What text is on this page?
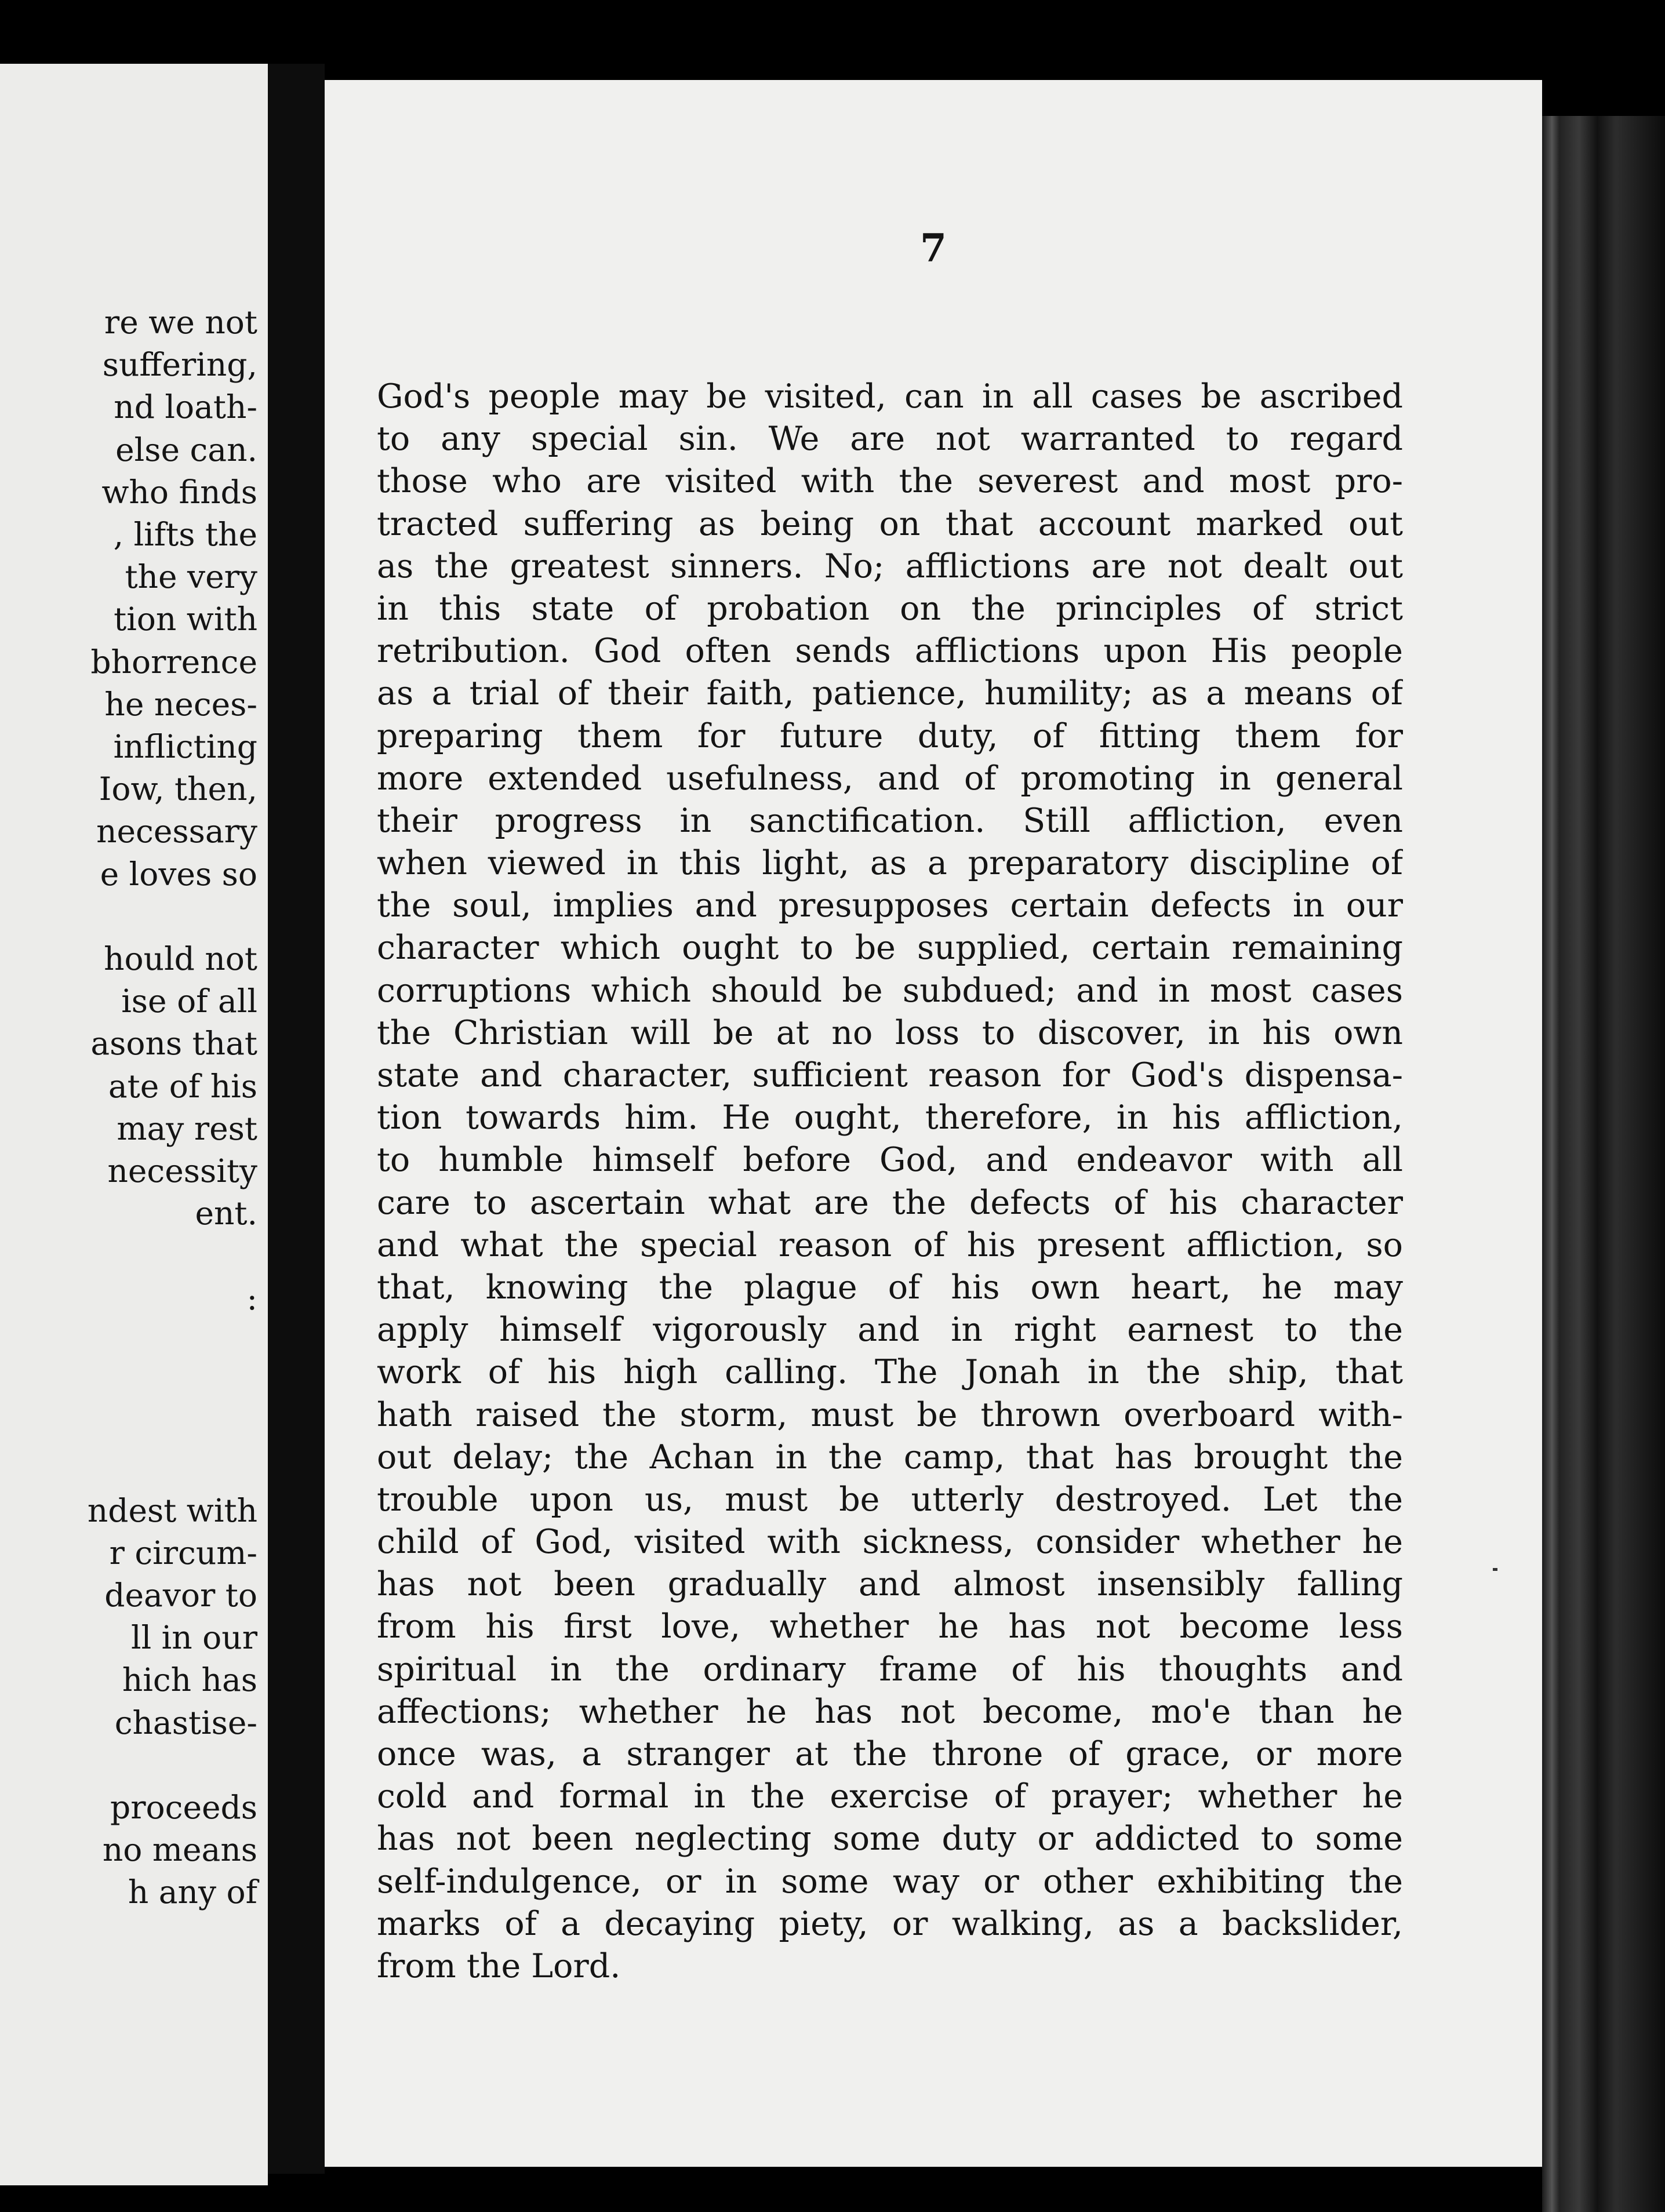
re we not
suffering,
nd loath-
else can.
who finds
, lifts the
the very
tion with
bhorrence
he neces-
inflicting
Iow, then,
necessary
e loves so
hould not
ise of all
asons that
ate of his
may rest
necessity
ent.
:
ndest with
r circum-
deavor to
ll in our
hich has
chastise-
proceeds
no means
h any of
7
God's people may be visited, can in all cases be ascribed
to any special sin. We are not warranted to regard
those who are visited with the severest and most pro-
tracted suffering as being on that account marked out
as the greatest sinners. No; afflictions are not dealt out
in this state of probation on the principles of strict
retribution. God often sends afflictions upon His people
as a trial of their faith, patience, humility; as a means of
preparing them for future duty, of fitting them for
more extended usefulness, and of promoting in general
their progress in sanctification. Still affliction, even
when viewed in this light, as a preparatory discipline of
the soul, implies and presupposes certain defects in our
character which ought to be supplied, certain remaining
corruptions which should be subdued; and in most cases
the Christian will be at no loss to discover, in his own
state and character, sufficient reason for God's dispensa-
tion towards him. He ought, therefore, in his affliction,
to humble himself before God, and endeavor with all
care to ascertain what are the defects of his character
and what the special reason of his present affliction, so
that, knowing the plague of his own heart, he may
apply himself vigorously and in right earnest to the
work of his high calling. The Jonah in the ship, that
hath raised the storm, must be thrown overboard with-
out delay; the Achan in the camp, that has brought the
trouble upon us, must be utterly destroyed. Let the
child of God, visited with sickness, consider whether he
has not been gradually and almost insensibly falling
from his first love, whether he has not become less
spiritual in the ordinary frame of his thoughts and
affections; whether he has not become, mo'e than he
once was, a stranger at the throne of grace, or more
cold and formal in the exercise of prayer; whether he
has not been neglecting some duty or addicted to some
self-indulgence, or in some way or other exhibiting the
marks of a decaying piety, or walking, as a backslider,
from the Lord.
